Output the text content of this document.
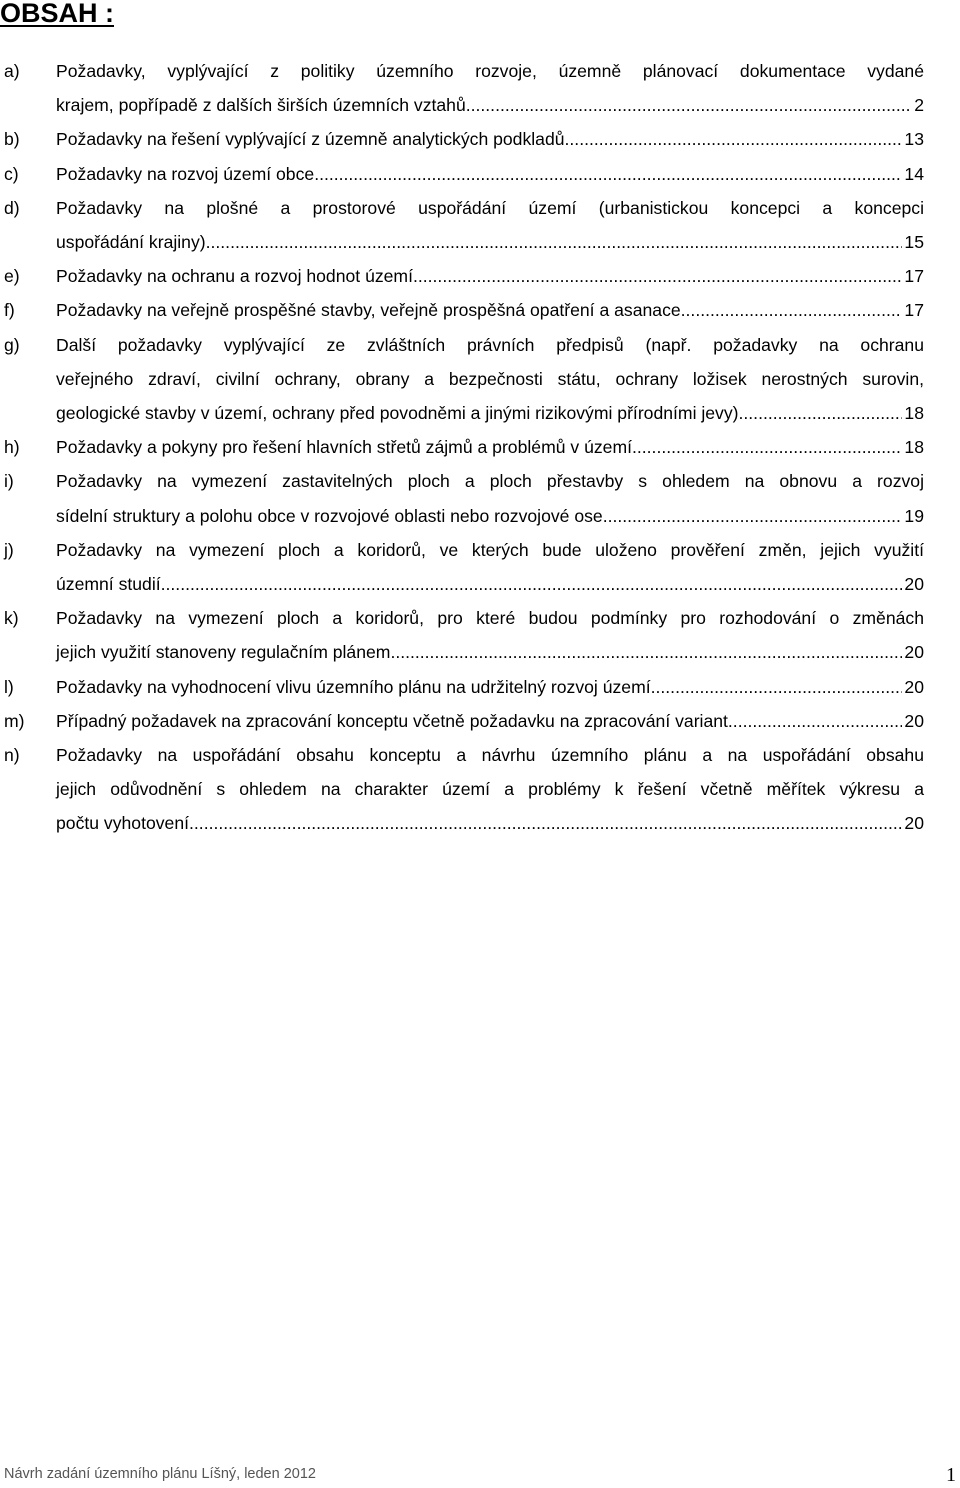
OBSAH :
a) Požadavky, vyplývající z politiky územního rozvoje, územně plánovací dokumentace vydané
krajem, popřípadě z dalších širších územních vztahů .....	2
b) Požadavky na řešení vyplývající z územně analytických podkladů .....	13
c) Požadavky na rozvoj území obce .....	14
d) Požadavky na plošné a prostorové uspořádání území (urbanistickou koncepci a koncepci
uspořádání krajiny) .....	15
e) Požadavky na ochranu a rozvoj hodnot území .....	17
f) Požadavky na veřejně prospěšné stavby, veřejně prospěšná opatření a asanace .....	17
g) Další požadavky vyplývající ze zvláštních právních předpisů (např. požadavky na ochranu
veřejného zdraví, civilní ochrany, obrany a bezpečnosti státu, ochrany ložisek nerostných surovin,
geologické stavby v území, ochrany před povodněmi a jinými rizikovými přírodními jevy) .....	18
h) Požadavky a pokyny pro řešení hlavních střetů zájmů a problémů v území .....	18
i) Požadavky na vymezení zastavitelných ploch a ploch přestavby s ohledem na obnovu a rozvoj
sídelní struktury a polohu obce v rozvojové oblasti nebo rozvojové ose .....	19
j) Požadavky na vymezení ploch a koridorů, ve kterých bude uloženo prověření změn, jejich využití
územní studií .....	20
k) Požadavky na vymezení ploch a koridorů, pro které budou podmínky pro rozhodování o změnách
jejich využití stanoveny regulačním plánem .....	20
l) Požadavky na vyhodnocení vlivu územního plánu na udržitelný rozvoj území .....	20
m) Případný požadavek na zpracování konceptu včetně požadavku na zpracování variant .....	20
n) Požadavky na uspořádání obsahu konceptu a návrhu územního plánu a na uspořádání obsahu
jejich odůvodnění s ohledem na charakter území a problémy k řešení včetně měřítek výkresu a
počtu vyhotovení .....	20
Návrh zadání územního plánu Líšný, leden 2012	1
